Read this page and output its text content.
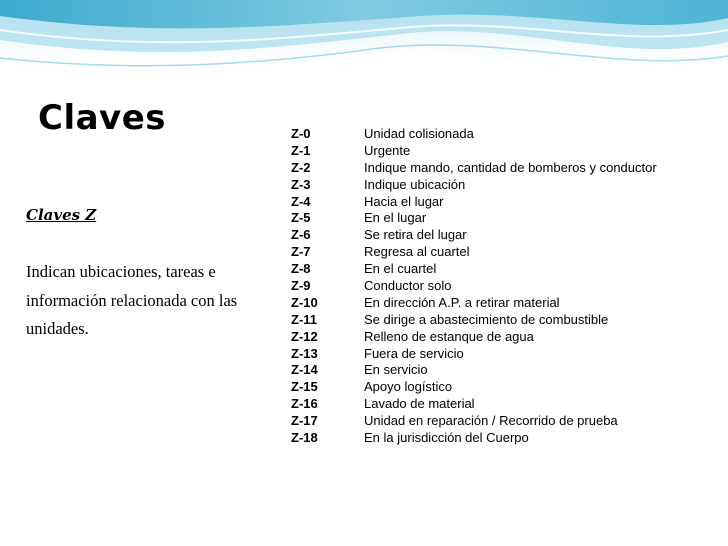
Claves
Claves Z
Indican ubicaciones, tareas e
información relacionada con las
unidades.
Z-0	Unidad colisionada
Z-1	Urgente
Z-2	Indique mando, cantidad de bomberos y conductor
Z-3	Indique ubicación
Z-4	Hacia el lugar
Z-5	En el lugar
Z-6	Se retira del lugar
Z-7	Regresa al cuartel
Z-8	En el cuartel
Z-9	Conductor solo
Z-10	En dirección A.P. a retirar material
Z-11	Se dirige a abastecimiento de combustible
Z-12	Relleno de estanque de agua
Z-13	Fuera de servicio
Z-14	En servicio
Z-15	Apoyo logístico
Z-16	Lavado de material
Z-17	Unidad en reparación / Recorrido de prueba
Z-18	En la jurisdicción del Cuerpo
